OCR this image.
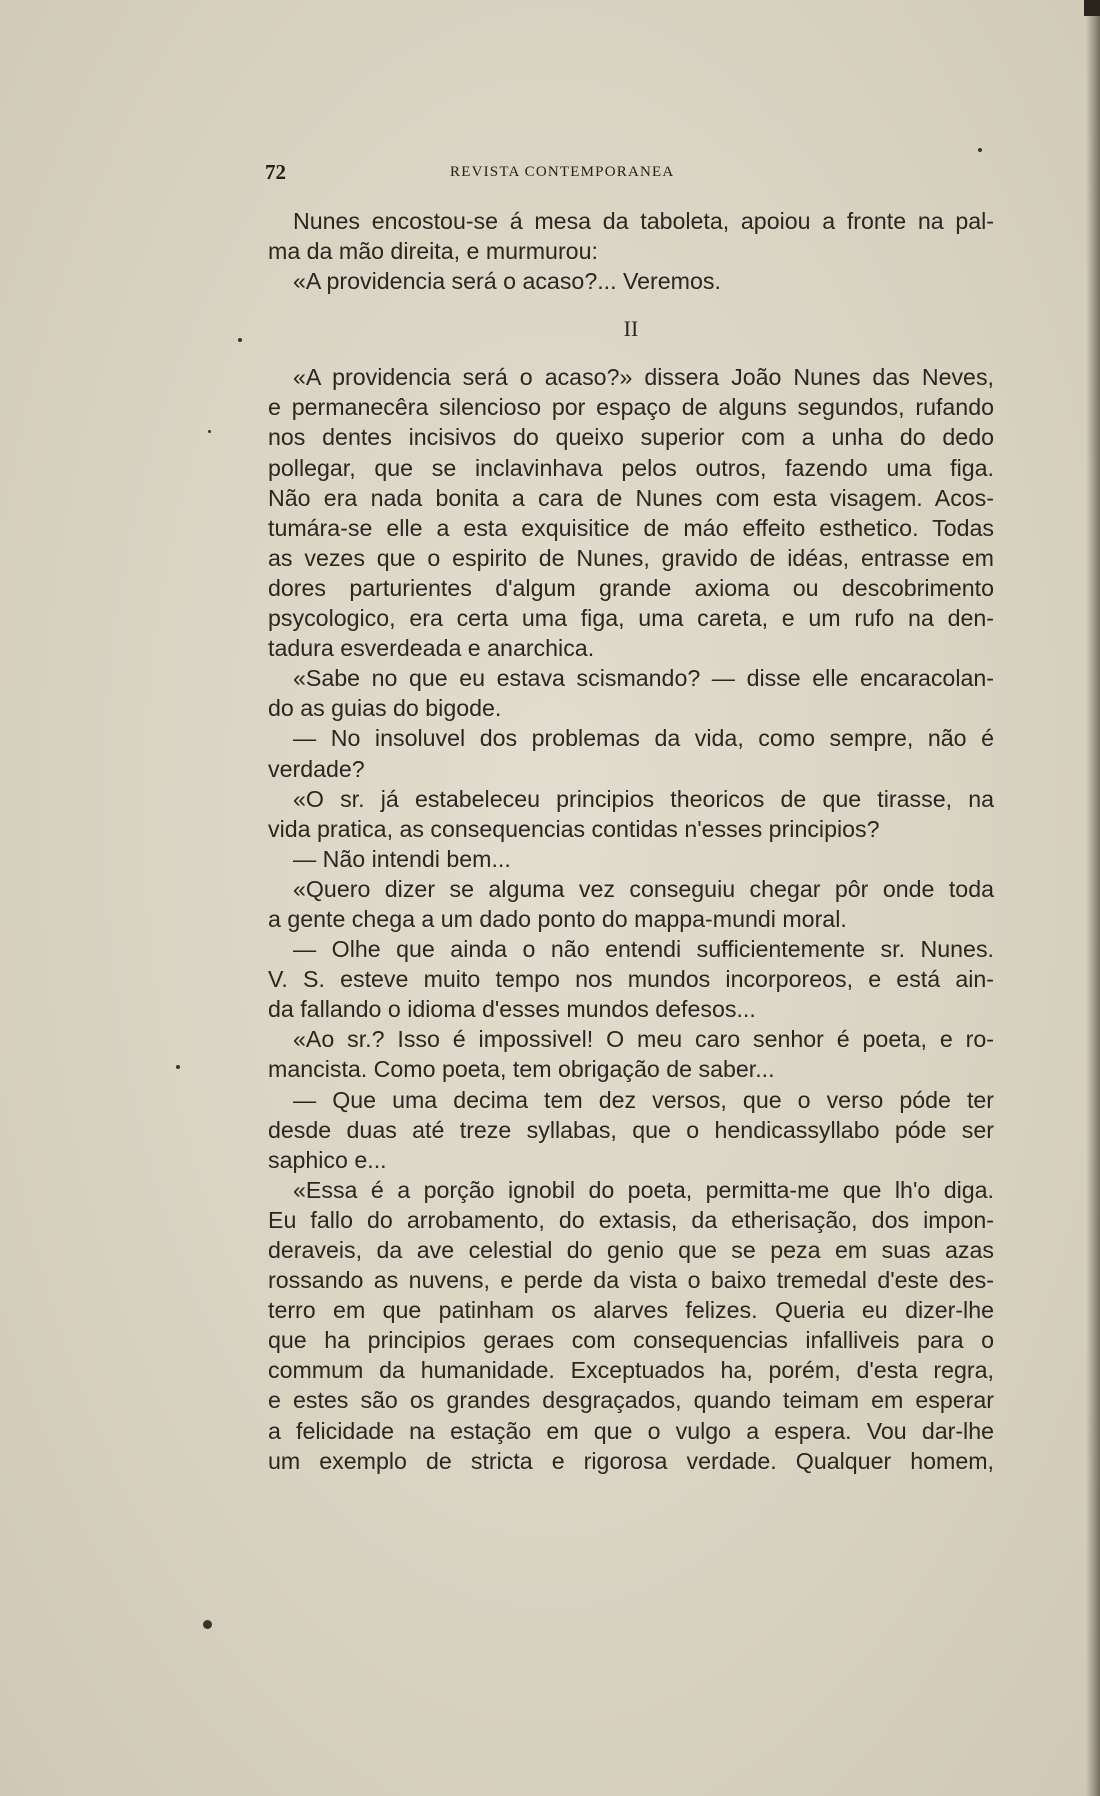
72	REVISTA CONTEMPORANEA
Nunes encostou-se á mesa da taboleta, apoiou a fronte na pal-
ma da mão direita, e murmurou:
«A providencia será o acaso?... Veremos.
II
«A providencia será o acaso?» dissera João Nunes das Neves,
e permanecêra silencioso por espaço de alguns segundos, rufando
nos dentes incisivos do queixo superior com a unha do dedo
pollegar, que se inclavinhava pelos outros, fazendo uma figa.
Não era nada bonita a cara de Nunes com esta visagem. Acos-
tumára-se elle a esta exquisitice de máo effeito esthetico. Todas
as vezes que o espirito de Nunes, gravido de idéas, entrasse em
dores parturientes d'algum grande axioma ou descobrimento
psycologico, era certa uma figa, uma careta, e um rufo na den-
tadura esverdeada e anarchica.
«Sabe no que eu estava scismando? — disse elle encaracolan-
do as guias do bigode.
— No insoluvel dos problemas da vida, como sempre, não é
verdade?
«O sr. já estabeleceu principios theoricos de que tirasse, na
vida pratica, as consequencias contidas n'esses principios?
— Não intendi bem...
«Quero dizer se alguma vez conseguiu chegar pôr onde toda
a gente chega a um dado ponto do mappa-mundi moral.
— Olhe que ainda o não entendi sufficientemente sr. Nunes.
V. S. esteve muito tempo nos mundos incorporeos, e está ain-
da fallando o idioma d'esses mundos defesos...
«Ao sr.? Isso é impossivel! O meu caro senhor é poeta, e ro-
mancista. Como poeta, tem obrigação de saber...
— Que uma decima tem dez versos, que o verso póde ter
desde duas até treze syllabas, que o hendicassyllabo póde ser
saphico e...
«Essa é a porção ignobil do poeta, permitta-me que lh'o diga.
Eu fallo do arrobamento, do extasis, da etherisação, dos impon-
deraveis, da ave celestial do genio que se peza em suas azas
rossando as nuvens, e perde da vista o baixo tremedal d'este des-
terro em que patinham os alarves felizes. Queria eu dizer-lhe
que ha principios geraes com consequencias infalliveis para o
commum da humanidade. Exceptuados ha, porém, d'esta regra,
e estes são os grandes desgraçados, quando teimam em esperar
a felicidade na estação em que o vulgo a espera. Vou dar-lhe
um exemplo de stricta e rigorosa verdade. Qualquer homem,
